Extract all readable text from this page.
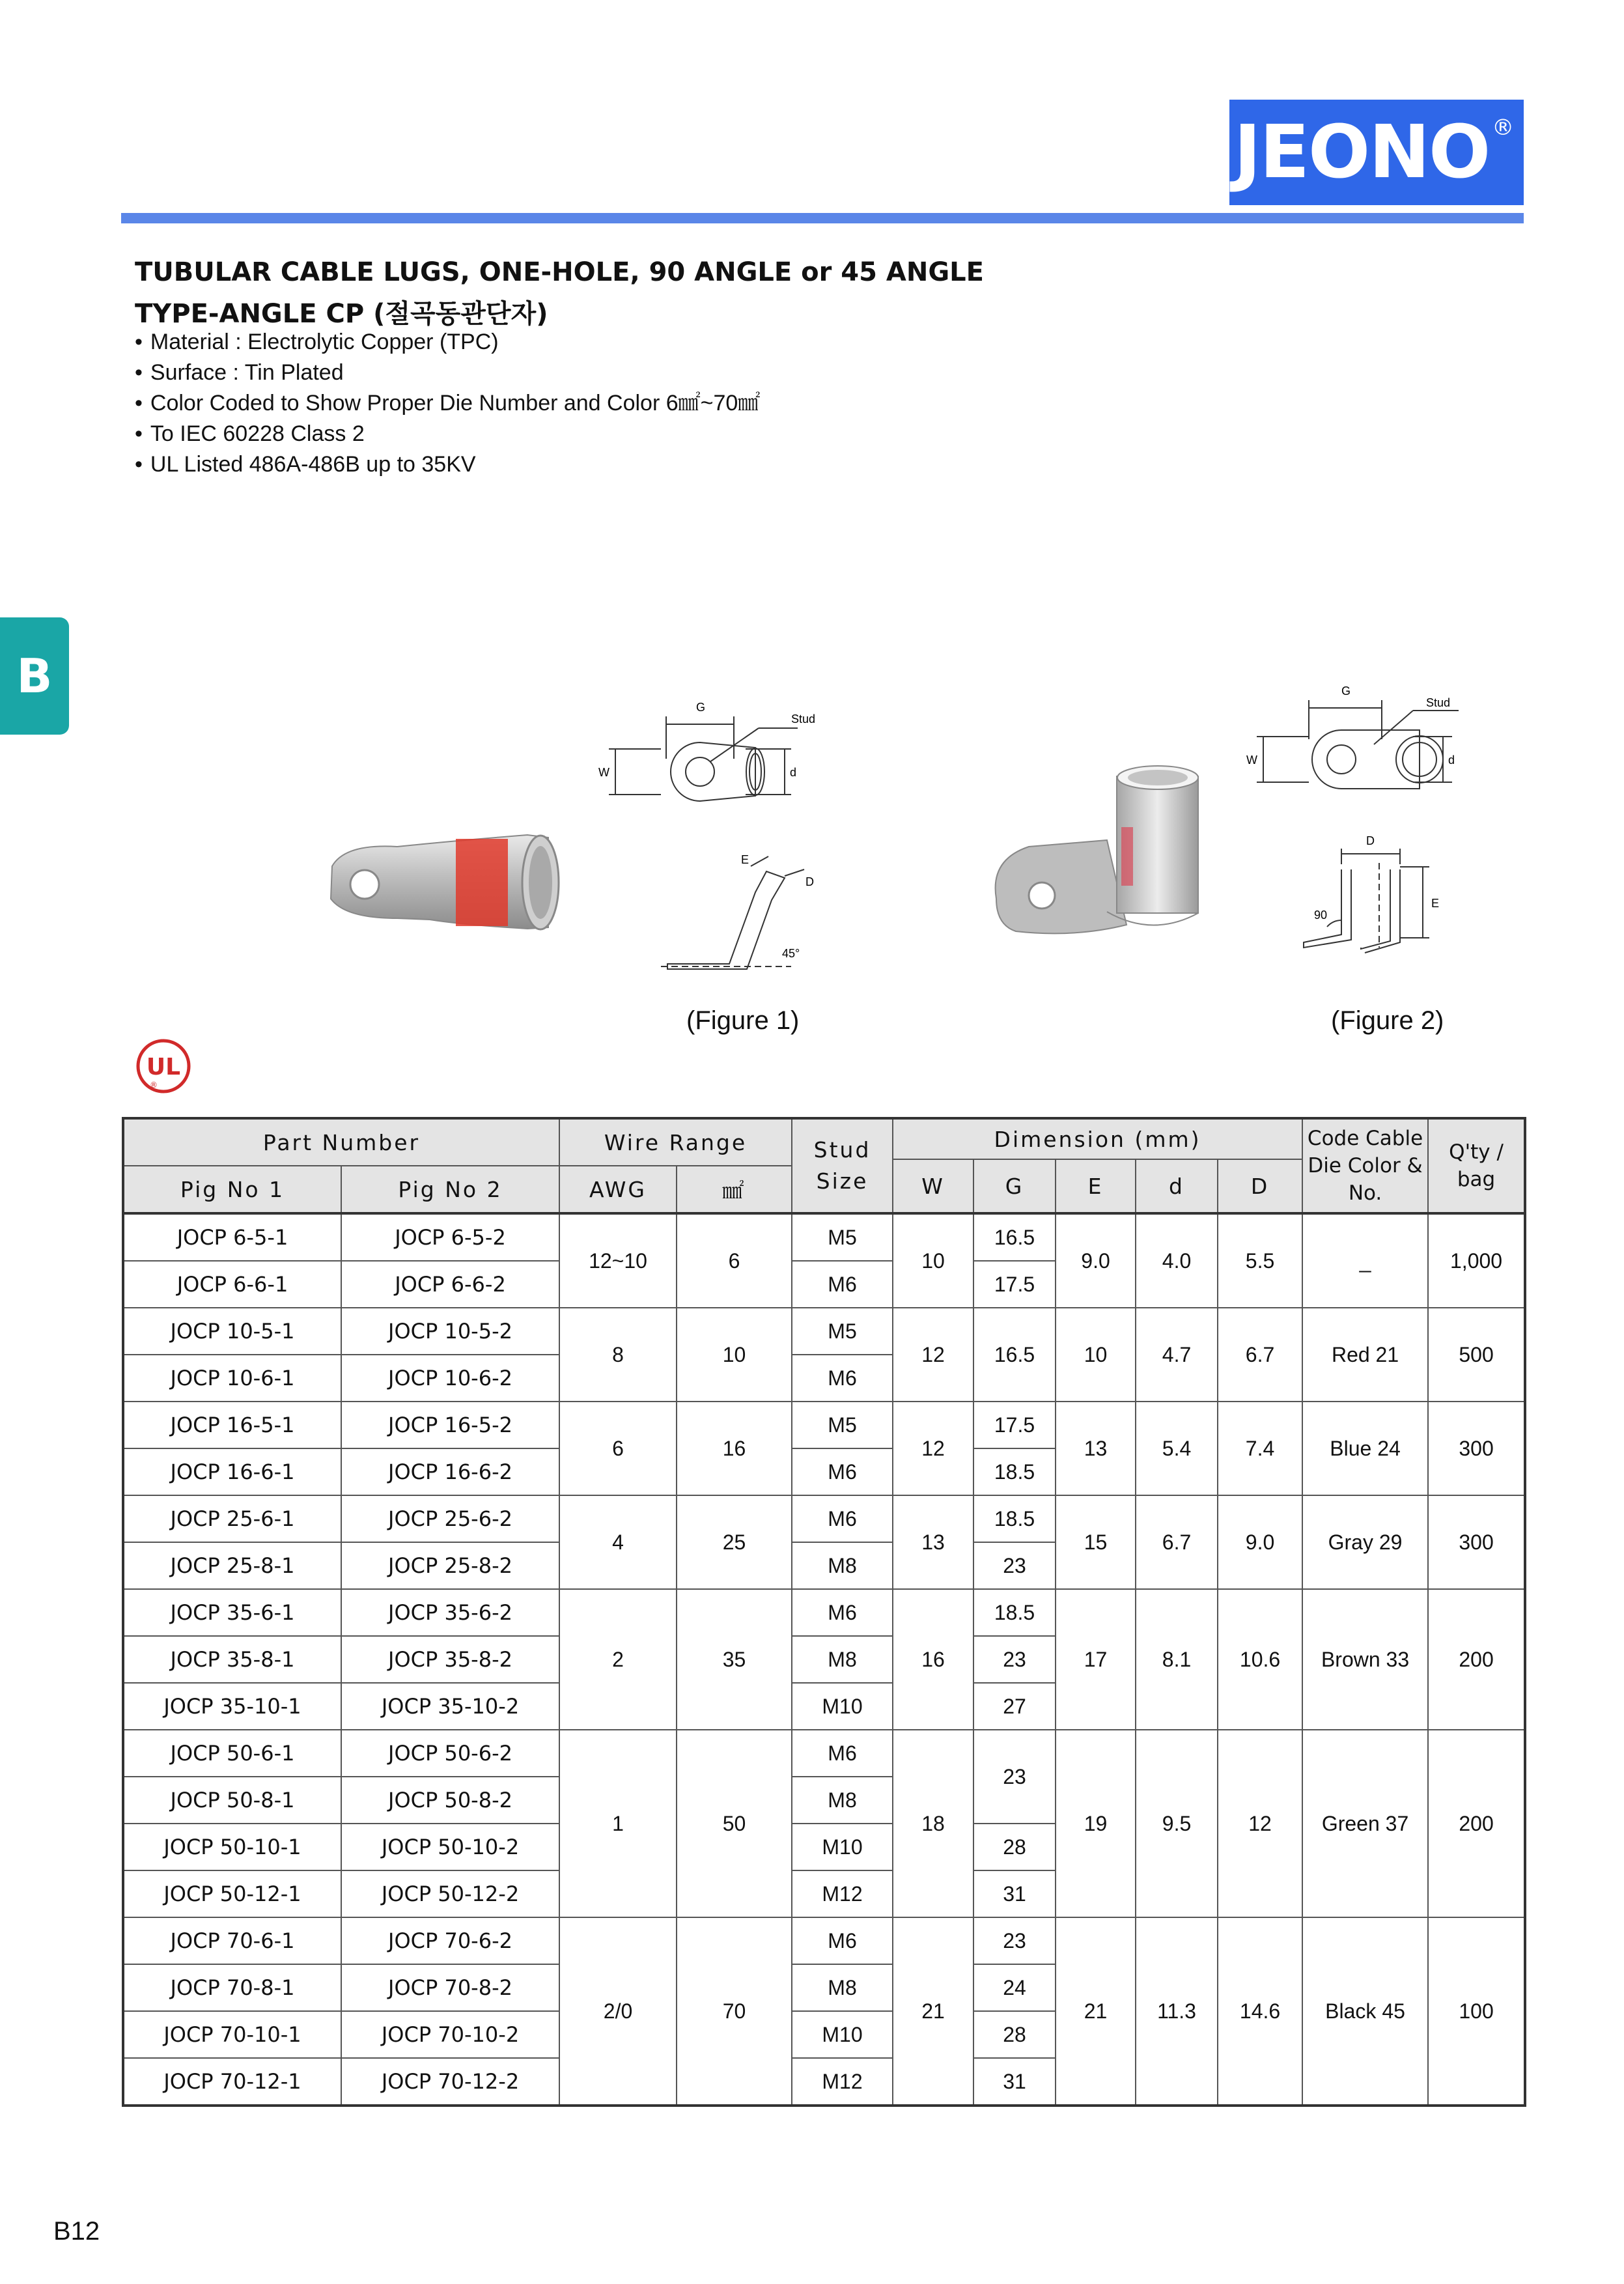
JEONO®
TUBULAR CABLE LUGS, ONE-HOLE, 90 ANGLE or 45 ANGLE
TYPE-ANGLE CP (절곡동관단자)
• Material : Electrolytic Copper (TPC)
• Surface : Tin Plated
• Color Coded to Show Proper Die Number and Color 6㎟~70㎟
• To IEC 60228 Class 2
• UL Listed 486A-486B up to 35KV
B
G
Stud
W	d
E
D
45°
G
Stud
W	d
D
E
90
(Figure 1)	(Figure 2)
UL
®
Part Number		Wire Range		Stud Size	Dimension (mm)					Code Cable Die Color & No.	Q'ty / bag
					W	G	E	d	D		
Pig No 1	Pig No 2	AWG	㎟								
JOCP 6-5-1	JOCP 6-5-2	12~10	6	M5	10	16.5	9.0	4.0	5.5	_	1,000
JOCP 6-6-1	JOCP 6-6-2			M6		17.5					
JOCP 10-5-1	JOCP 10-5-2	8	10	M5	12	16.5	10	4.7	6.7	Red 21	500
JOCP 10-6-1	JOCP 10-6-2			M6							
JOCP 16-5-1	JOCP 16-5-2	6	16	M5	12	17.5	13	5.4	7.4	Blue 24	300
JOCP 16-6-1	JOCP 16-6-2			M6		18.5					
JOCP 25-6-1	JOCP 25-6-2	4	25	M6	13	18.5	15	6.7	9.0	Gray 29	300
JOCP 25-8-1	JOCP 25-8-2			M8		23					
JOCP 35-6-1	JOCP 35-6-2	2	35	M6	16	18.5	17	8.1	10.6	Brown 33	200
JOCP 35-8-1	JOCP 35-8-2			M8		23					
JOCP 35-10-1	JOCP 35-10-2			M10		27					
JOCP 50-6-1	JOCP 50-6-2	1	50	M6	18	23	19	9.5	12	Green 37	200
JOCP 50-8-1	JOCP 50-8-2			M8							
JOCP 50-10-1	JOCP 50-10-2			M10		28					
JOCP 50-12-1	JOCP 50-12-2			M12		31					
JOCP 70-6-1	JOCP 70-6-2	2/0	70	M6	21	23	21	11.3	14.6	Black 45	100
JOCP 70-8-1	JOCP 70-8-2			M8		24					
JOCP 70-10-1	JOCP 70-10-2			M10		28					
JOCP 70-12-1	JOCP 70-12-2			M12		31					
B12
